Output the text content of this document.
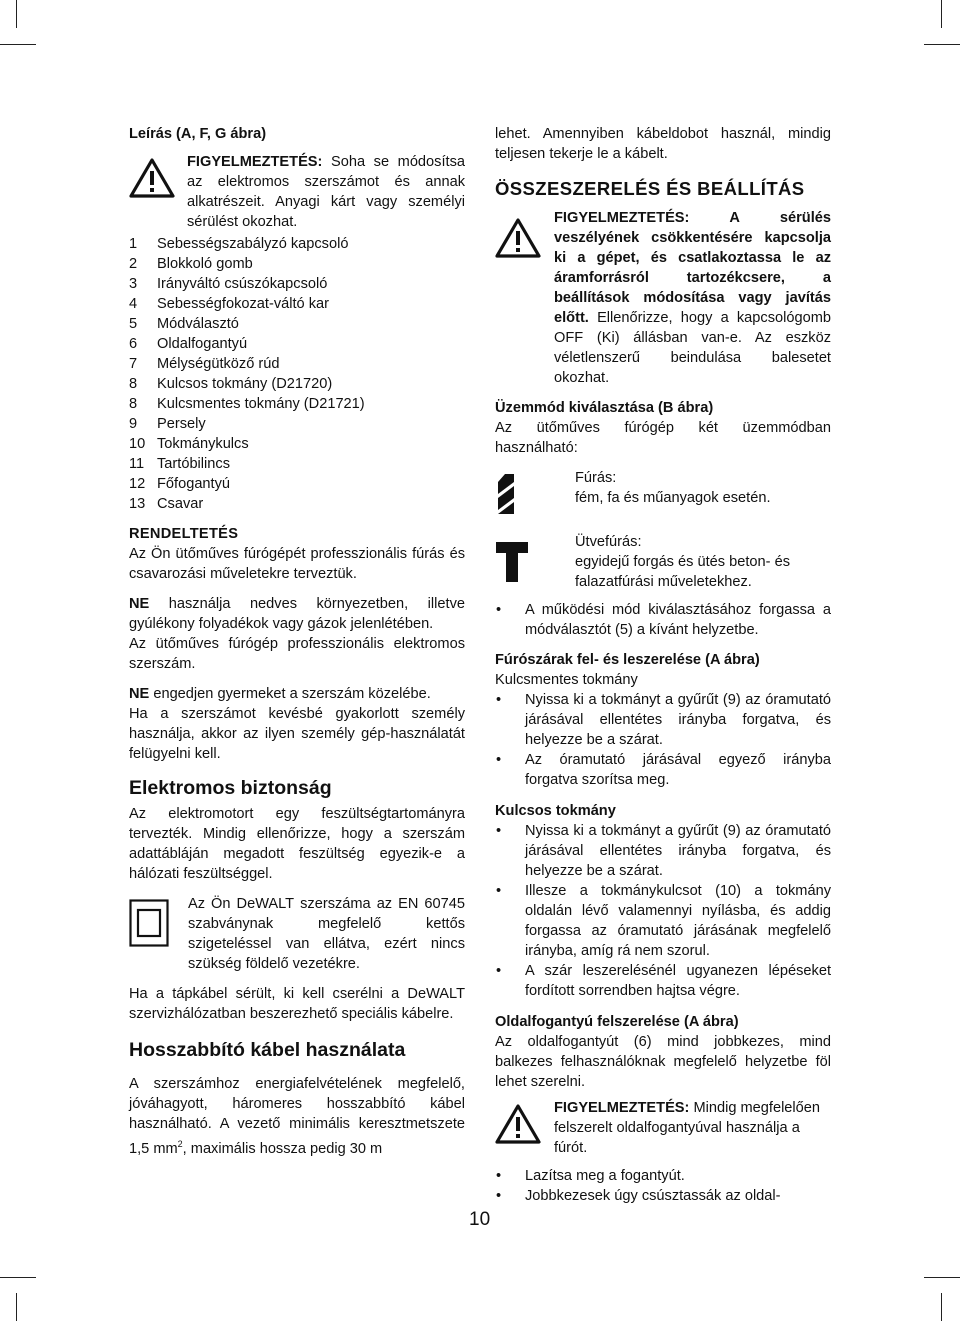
Leírás (A, F, G ábra)

FIGYELMEZTETÉS: Soha se módosítsa az elektromos szerszámot és annak alkatrészeit. Anyagi kárt vagy személyi sérülést okozhat.

1	Sebességszabályzó kapcsoló
2	Blokkoló gomb
3	Irányváltó csúszókapcsoló
4	Sebességfokozat-váltó kar
5	Módválasztó
6	Oldalfogantyú
7	Mélységütköző rúd
8	Kulcsos tokmány (D21720)
8	Kulcsmentes tokmány (D21721)
9	Persely
10 Tokmánykulcs
11 Tartóbilincs
12 Főfogantyú
13 Csavar

RENDELTETÉS

Az Ön ütőműves fúrógépét professzionális fúrás és csavarozási műveletekre terveztük.

NE használja nedves környezetben, illetve gyúlékony folyadékok vagy gázok jelenlétében.

Az ütőműves fúrógép professzionális elektromos szerszám.

NE engedjen gyermeket a szerszám közelébe.

Ha a szerszámot kevésbé gyakorlott személy használja, akkor az ilyen személy gép-használatát felügyelni kell.

Elektromos biztonság

Az elektromotort egy feszültségtartományra tervezték. Mindig ellenőrizze, hogy a szerszám adattábláján megadott feszültség egyezik-e a hálózati feszültséggel.

Az Ön DeWALT szerszáma az EN 60745 szabványnak megfelelő kettős szigeteléssel van ellátva, ezért nincs szükség földelő vezetékre.

Ha a tápkábel sérült, ki kell cserélni a DeWALT szervizhálózatban beszerezhető speciális kábelre.

Hosszabbító kábel használata

A szerszámhoz energiafelvételének megfelelő, jóváhagyott, háromeres hosszabbító kábel használható. A vezető minimális keresztmetszete 1,5 $mm^2$, maximális hossza pedig 30 m

lehet. Amennyiben kábeldobot használ, mindig teljesen tekerje le a kábelt.

ÖSSZESZERELÉS ÉS BEÁLLÍTÁS

FIGYELMEZTETÉS: A sérülés veszélyének csökkentésére kapcsolja ki a gépet, és csatlakoztassa le az áramforrásról tartozékcsere, a beállítások módosítása vagy javítás előtt. Ellenőrizze, hogy a kapcsológomb OFF (Ki) állásban van-e. Az eszköz véletlenszerű beindulása balesetet okozhat.

Üzemmód kiválasztása (B ábra)

Az ütőműves fúrógép két üzemmódban használható:

Fúrás:

fém, fa és műanyagok esetén.

Ütvefúrás:

egyidejű forgás és ütés beton- és falazatfúrási műveletekhez.

•	A működési mód kiválasztásához forgassa a módválasztót (5) a kívánt helyzetbe.

Fúrószárak fel- és leszerelése (A ábra)

Kulcsmentes tokmány

•	Nyissa ki a tokmányt a gyűrűt (9) az óramutató járásával ellentétes irányba forgatva, és helyezze be a szárat.
•	Az óramutató járásával egyező irányba forgatva szorítsa meg.

Kulcsos tokmány

•	Nyissa ki a tokmányt a gyűrűt (9) az óramutató járásával ellentétes irányba forgatva, és helyezze be a szárat.
•	Illesze a tokmánykulcsot (10) a tokmány oldalán lévő valamennyi nyílásba, és addig forgassa az óramutató járásának megfelelő irányba, amíg rá nem szorul.
•	A szár leszerelésénél ugyanezen lépéseket fordított sorrendben hajtsa végre.

Oldalfogantyú felszerelése (A ábra)

Az oldalfogantyút (6) mind jobbkezes, mind balkezes felhasználóknak megfelelő helyzetbe föl lehet szerelni.

FIGYELMEZTETÉS: Mindig megfelelően felszerelt oldalfogantyúval használja a fúrót.

•	Lazítsa meg a fogantyút.
•	Jobbkezesek úgy csúsztassák az oldal-
10
